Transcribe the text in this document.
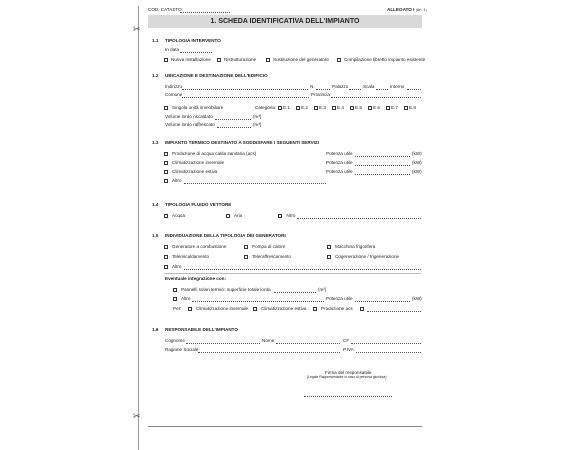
✂
✂
COD. CATASTO:	ALLEGATO I (Art. 1)
1. SCHEDA IDENTIFICATIVA DELL'IMPIANTO
1.1 TIPOLOGIA INTERVENTO
In data
Nuova installazione	Ristrutturazione	Sostituzione del generatore	Compilazione libretto impianto esistente
1.2 UBICAZIONE E DESTINAZIONE DELL'EDIFICIO
Indirizzo	N.	Palazzo	Scala	Interno
Comune	Provincia
Singola unità immobiliare	Categoria: E.1 E.2 E.3 E.4 E.5 E.6 E.7 E.8
Volume lordo riscaldato	(m³)
Volume lordo raffrescato	(m³)
1.3 IMPIANTO TERMICO DESTINATO A SODDISFARE I SEGUENTI SERVIZI
Produzione di acqua calda sanitaria (acs)	Potenza utile	(kW)
Climatizzazione invernale	Potenza utile	(kW)
Climatizzazione estiva	Potenza utile	(kW)
Altro
1.4 TIPOLOGIA FLUIDO VETTORE
Acqua	Aria	Altro
1.5 INDIVIDUAZIONE DELLA TIPOLOGIA DEI GENERATORI
Generatore a combustione	Pompa di calore	Macchina frigorifera
Teleriscaldamento	Teleraffrescamento	Cogenerazione / trigenerazione
Altro
Eventuale integrazione con:
Pannelli solari termici: superficie totale lorda	(m²)
Altro	Potenza utile	(kW)
Per:	Climatizzazione invernale	Climatizzazione estiva	Produzione acs
1.6 RESPONSABILE DELL'IMPIANTO
Cognome	Nome	CF
Ragione Sociale	P.IVA
Firma del responsabile
(Legale Rappresentante in caso di persona giuridica)
